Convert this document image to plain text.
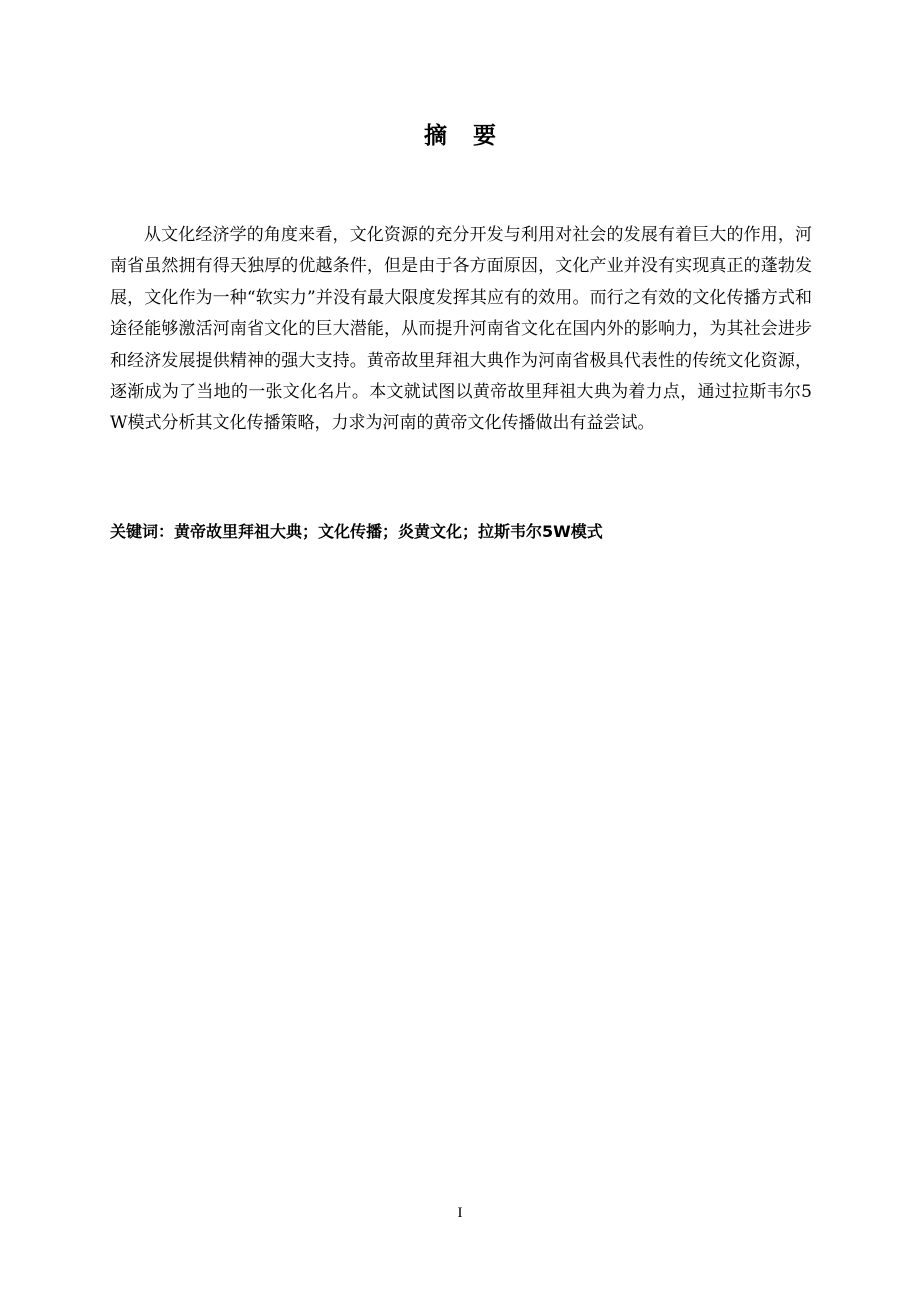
摘要

从文化经济学的角度来看，文化资源的充分开发与利用对社会的发展有着巨大的作用，河南省虽然拥有得天独厚的优越条件，但是由于各方面原因，文化产业并没有实现真正的蓬勃发展，文化作为一种“软实力”并没有最大限度发挥其应有的效用。而行之有效的文化传播方式和途径能够激活河南省文化的巨大潜能，从而提升河南省文化在国内外的影响力，为其社会进步和经济发展提供精神的强大支持。黄帝故里拜祖大典作为河南省极具代表性的传统文化资源，逐渐成为了当地的一张文化名片。本文就试图以黄帝故里拜祖大典为着力点，通过拉斯韦尔5W模式分析其文化传播策略，力求为河南的黄帝文化传播做出有益尝试。

关键词：黄帝故里拜祖大典；文化传播；炎黄文化；拉斯韦尔5W模式
I
